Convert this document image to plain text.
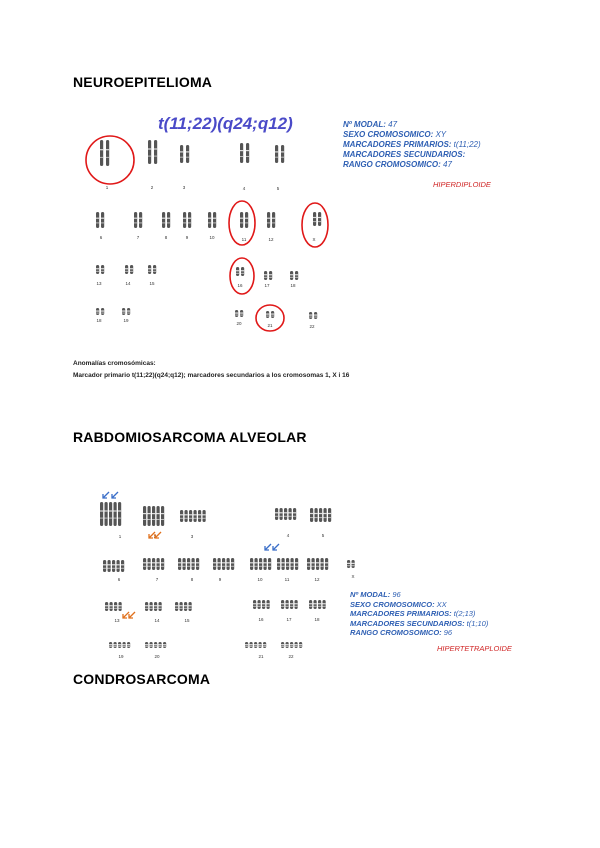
NEUROEPITELIOMA
t(11;22)(q24;q12)
1	2	3	4	5
6	7	8	9	10	11	12	X
13	14	15	16	17	18
18	19
20	21	22
Nº MODAL: 47
SEXO CROMOSOMICO: XY
MARCADORES PRIMARIOS: t(11;22)
MARCADORES SECUNDARIOS:
RANGO CROMOSOMICO: 47
HIPERDIPLOIDE
Anomalías cromosómicas:
Marcador primario t(11;22)(q24;q12); marcadores secundarios a los cromosomas 1, X i 16
RABDOMIOSARCOMA ALVEOLAR
1	2	3	4	5
6	7	8	9	10	11	12
X
13	14	15	16	17	18
19	20	21	22
Nº MODAL: 96
SEXO CROMOSOMICO: XX
MARCADORES PRIMARIOS: t(2;13)
MARCADORES SECUNDARIOS: t(1;10)
RANGO CROMOSOMICO: 96
HIPERTETRAPLOIDE
CONDROSARCOMA
